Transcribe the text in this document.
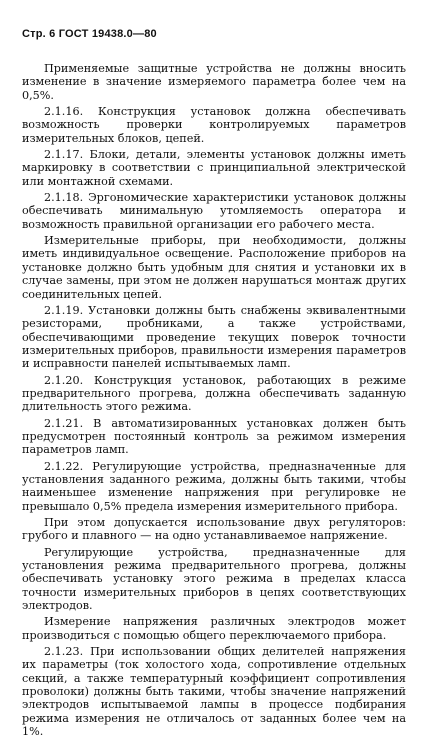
Стр. 6 ГОСТ 19438.0—80

Применяемые защитные устройства не должны вносить изменение в значение измеряемого параметра более чем на 0,5%.

2.1.16. Конструкция установок должна обеспечивать возможность проверки контролируемых параметров измерительных блоков, цепей.

2.1.17. Блоки, детали, элементы установок должны иметь маркировку в соответствии с принципиальной электрической или монтажной схемами.

2.1.18. Эргономические характеристики установок должны обеспечивать минимальную утомляемость оператора и возможность правильной организации его рабочего места.

Измерительные приборы, при необходимости, должны иметь индивидуальное освещение. Расположение приборов на установке должно быть удобным для снятия и установки их в случае замены, при этом не должен нарушаться монтаж других соединительных цепей.

2.1.19. Установки должны быть снабжены эквивалентными резисторами, пробниками, а также устройствами, обеспечивающими проведение текущих поверок точности измерительных приборов, правильности измерения параметров и исправности панелей испытываемых ламп.

2.1.20. Конструкция установок, работающих в режиме предварительного прогрева, должна обеспечивать заданную длительность этого режима.

2.1.21. В автоматизированных установках должен быть предусмотрен постоянный контроль за режимом измерения параметров ламп.

2.1.22. Регулирующие устройства, предназначенные для установления заданного режима, должны быть такими, чтобы наименьшее изменение напряжения при регулировке не превышало 0,5% предела измерения измерительного прибора.

При этом допускается использование двух регуляторов: грубого и плавного — на одно устанавливаемое напряжение.

Регулирующие устройства, предназначенные для установления режима предварительного прогрева, должны обеспечивать установку этого режима в пределах класса точности измерительных приборов в цепях соответствующих электродов.

Измерение напряжения различных электродов может производиться с помощью общего переключаемого прибора.

2.1.23. При использовании общих делителей напряжения их параметры (ток холостого хода, сопротивление отдельных секций, а также температурный коэффициент сопротивления проволоки) должны быть такими, чтобы значение напряжений электродов испытываемой лампы в процессе подбирания режима измерения не отличалось от заданных более чем на 1%.
